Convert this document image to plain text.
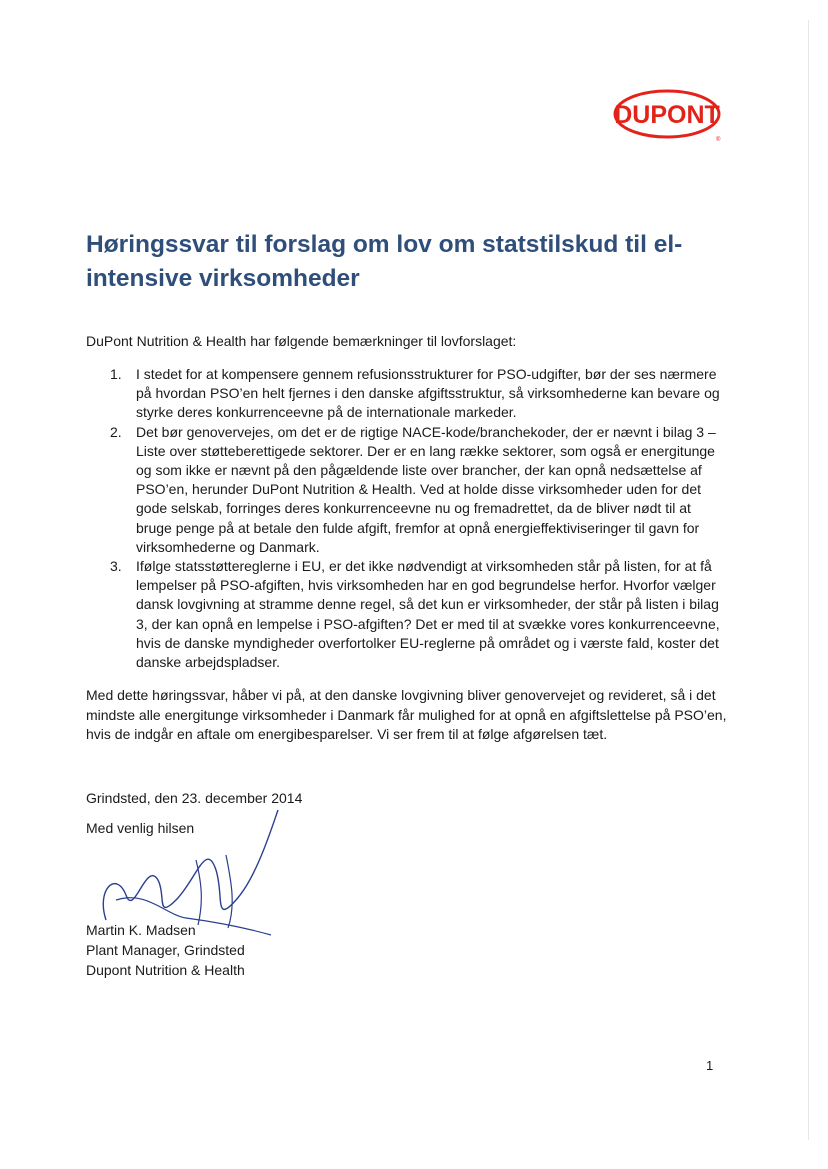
DUPONT
®
Høringssvar til forslag om lov om statstilskud til el-intensive virksomheder

DuPont Nutrition & Health har følgende bemærkninger til lovforslaget:

1. I stedet for at kompensere gennem refusionsstrukturer for PSO-udgifter, bør der ses nærmere på hvordan PSO’en helt fjernes i den danske afgiftsstruktur, så virksomhederne kan bevare og styrke deres konkurrenceevne på de internationale markeder.
2. Det bør genovervejes, om det er de rigtige NACE-kode/branchekoder, der er nævnt i bilag 3 – Liste over støtteberettigede sektorer. Der er en lang række sektorer, som også er energitunge og som ikke er nævnt på den pågældende liste over brancher, der kan opnå nedsættelse af PSO’en, herunder DuPont Nutrition & Health. Ved at holde disse virksomheder uden for det gode selskab, forringes deres konkurrenceevne nu og fremadrettet, da de bliver nødt til at bruge penge på at betale den fulde afgift, fremfor at opnå energieffektiviseringer til gavn for virksomhederne og Danmark.
3. Ifølge statsstøttereglerne i EU, er det ikke nødvendigt at virksomheden står på listen, for at få lempelser på PSO-afgiften, hvis virksomheden har en god begrundelse herfor. Hvorfor vælger dansk lovgivning at stramme denne regel, så det kun er virksomheder, der står på listen i bilag 3, der kan opnå en lempelse i PSO-afgiften? Det er med til at svække vores konkurrenceevne, hvis de danske myndigheder overfortolker EU-reglerne på området og i værste fald, koster det danske arbejdspladser.

Med dette høringssvar, håber vi på, at den danske lovgivning bliver genovervejet og revideret, så i det mindste alle energitunge virksomheder i Danmark får mulighed for at opnå en afgiftslettelse på PSO’en, hvis de indgår en aftale om energibesparelser. Vi ser frem til at følge afgørelsen tæt.

Grindsted, den 23. december 2014

Med venlig hilsen

Martin K. Madsen
Plant Manager, Grindsted
Dupont Nutrition & Health
1
